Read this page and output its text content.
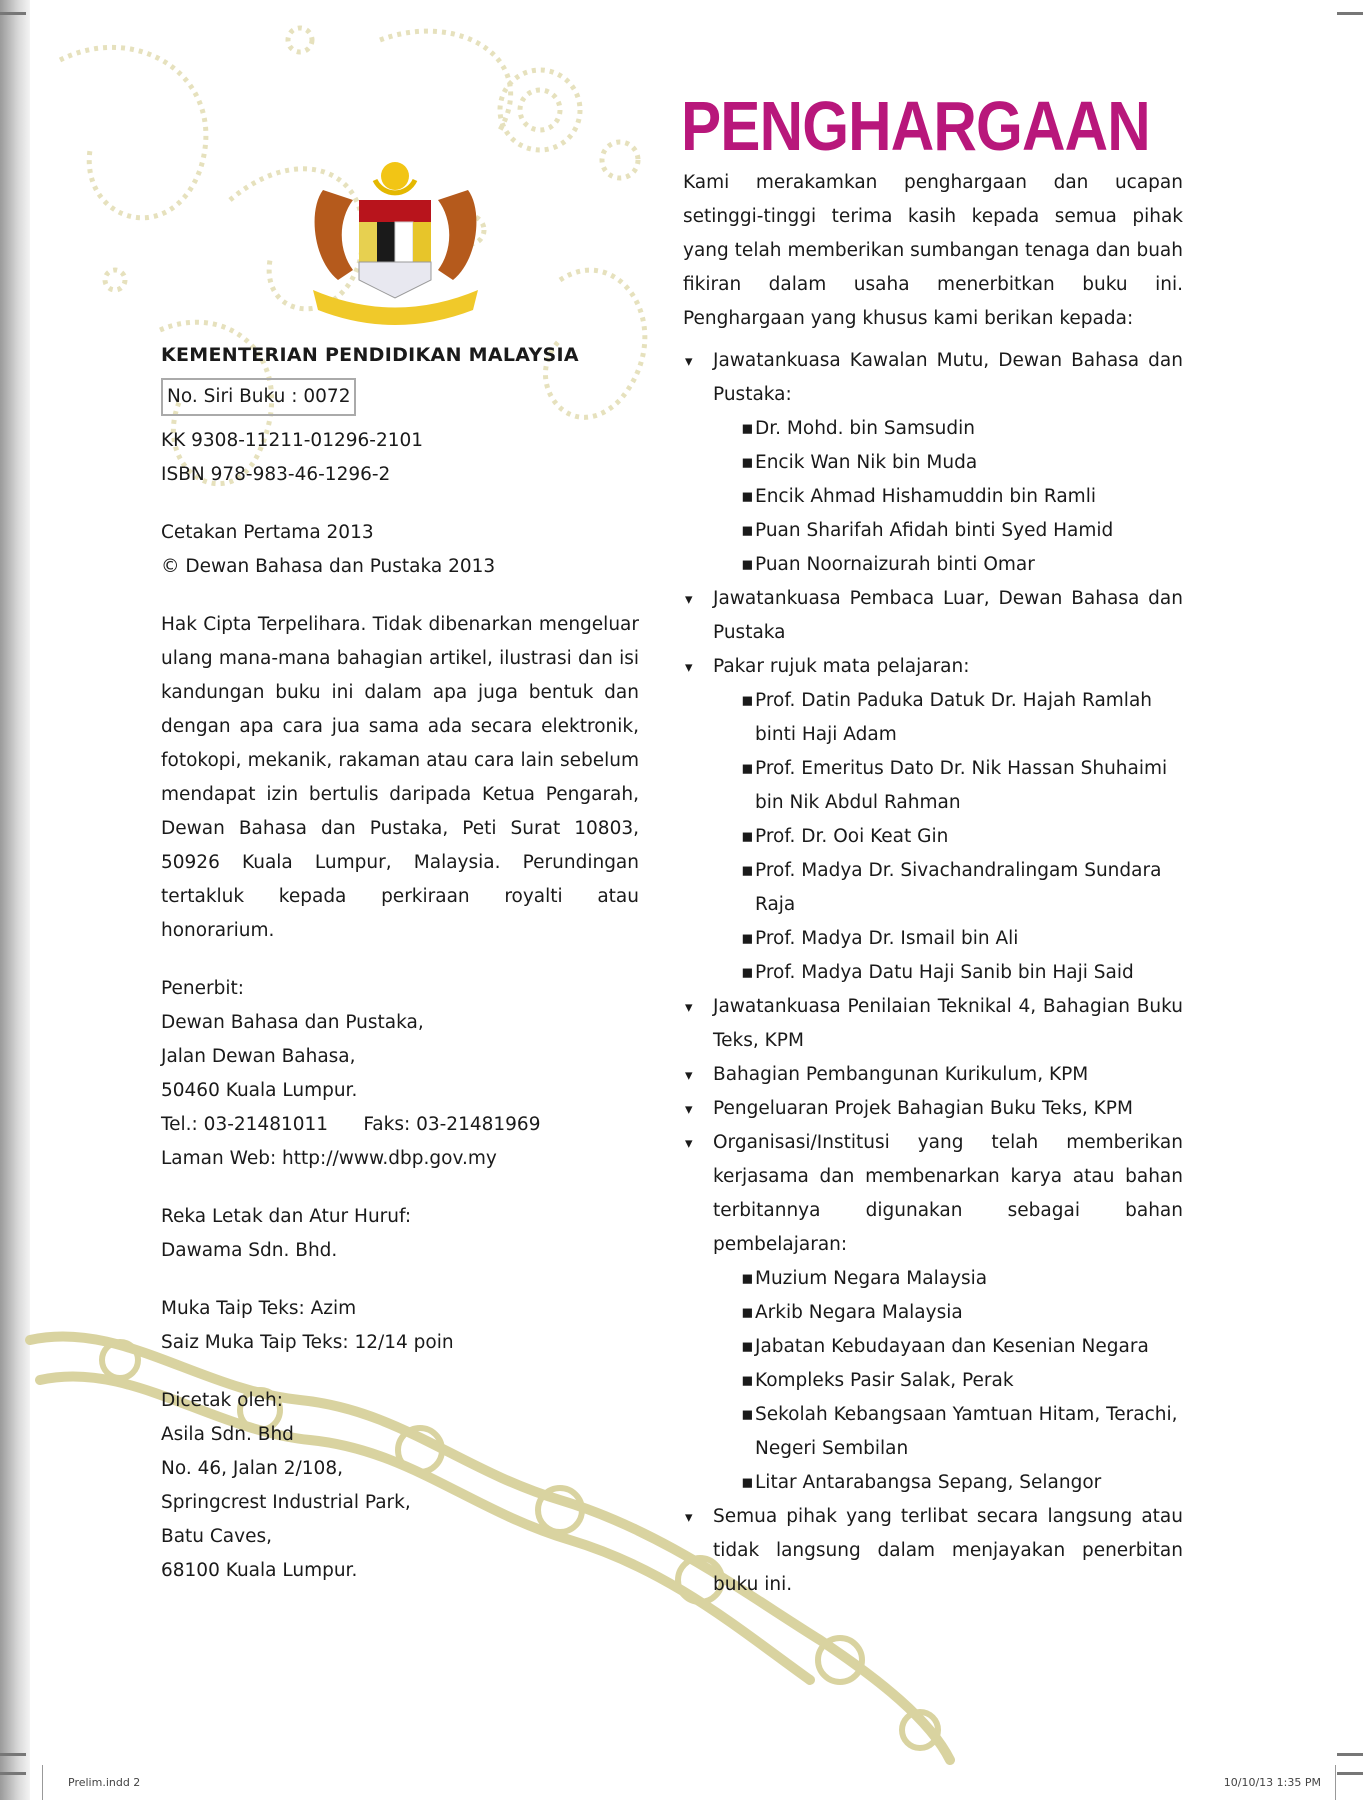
PENGHARGAAN

KEMENTERIAN PENDIDIKAN MALAYSIA

No. Siri Buku : 0072

KK 9308-11211-01296-2101

ISBN 978-983-46-1296-2

Cetakan Pertama 2013

© Dewan Bahasa dan Pustaka 2013

Hak Cipta Terpelihara. Tidak dibenarkan mengeluar ulang mana-mana bahagian artikel, ilustrasi dan isi kandungan buku ini dalam apa juga bentuk dan dengan apa cara jua sama ada secara elektronik, fotokopi, mekanik, rakaman atau cara lain sebelum mendapat izin bertulis daripada Ketua Pengarah, Dewan Bahasa dan Pustaka, Peti Surat 10803, 50926 Kuala Lumpur, Malaysia. Perundingan tertakluk kepada perkiraan royalti atau honorarium.

Penerbit:

Dewan Bahasa dan Pustaka,

Jalan Dewan Bahasa,

50460 Kuala Lumpur.

Tel.: 03-21481011      Faks: 03-21481969

Laman Web: http://www.dbp.gov.my

Reka Letak dan Atur Huruf:

Dawama Sdn. Bhd.

Muka Taip Teks: Azim

Saiz Muka Taip Teks: 12/14 poin

Dicetak oleh:

Asila Sdn. Bhd

No. 46, Jalan 2/108,

Springcrest Industrial Park,

Batu Caves,

68100 Kuala Lumpur.

Kami merakamkan penghargaan dan ucapan setinggi-tinggi terima kasih kepada semua pihak yang telah memberikan sumbangan tenaga dan buah fikiran dalam usaha menerbitkan buku ini. Penghargaan yang khusus kami berikan kepada:

▾ Jawatankuasa Kawalan Mutu, Dewan Bahasa dan Pustaka:
▪ Dr. Mohd. bin Samsudin
▪ Encik Wan Nik bin Muda
▪ Encik Ahmad Hishamuddin bin Ramli
▪ Puan Sharifah Afidah binti Syed Hamid
▪ Puan Noornaizurah binti Omar
▾ Jawatankuasa Pembaca Luar, Dewan Bahasa dan Pustaka
▾ Pakar rujuk mata pelajaran:
▪ Prof. Datin Paduka Datuk Dr. Hajah Ramlah binti Haji Adam
▪ Prof. Emeritus Dato Dr. Nik Hassan Shuhaimi bin Nik Abdul Rahman
▪ Prof. Dr. Ooi Keat Gin
▪ Prof. Madya Dr. Sivachandralingam Sundara Raja
▪ Prof. Madya Dr. Ismail bin Ali
▪ Prof. Madya Datu Haji Sanib bin Haji Said
▾ Jawatankuasa Penilaian Teknikal 4, Bahagian Buku Teks, KPM
▾ Bahagian Pembangunan Kurikulum, KPM
▾ Pengeluaran Projek Bahagian Buku Teks, KPM
▾ Organisasi/Institusi yang telah memberikan kerjasama dan membenarkan karya atau bahan terbitannya digunakan sebagai bahan pembelajaran:
▪ Muzium Negara Malaysia
▪ Arkib Negara Malaysia
▪ Jabatan Kebudayaan dan Kesenian Negara
▪ Kompleks Pasir Salak, Perak
▪ Sekolah Kebangsaan Yamtuan Hitam, Terachi, Negeri Sembilan
▪ Litar Antarabangsa Sepang, Selangor
▾ Semua pihak yang terlibat secara langsung atau tidak langsung dalam menjayakan penerbitan buku ini.
Prelim.indd 2	10/10/13 1:35 PM
